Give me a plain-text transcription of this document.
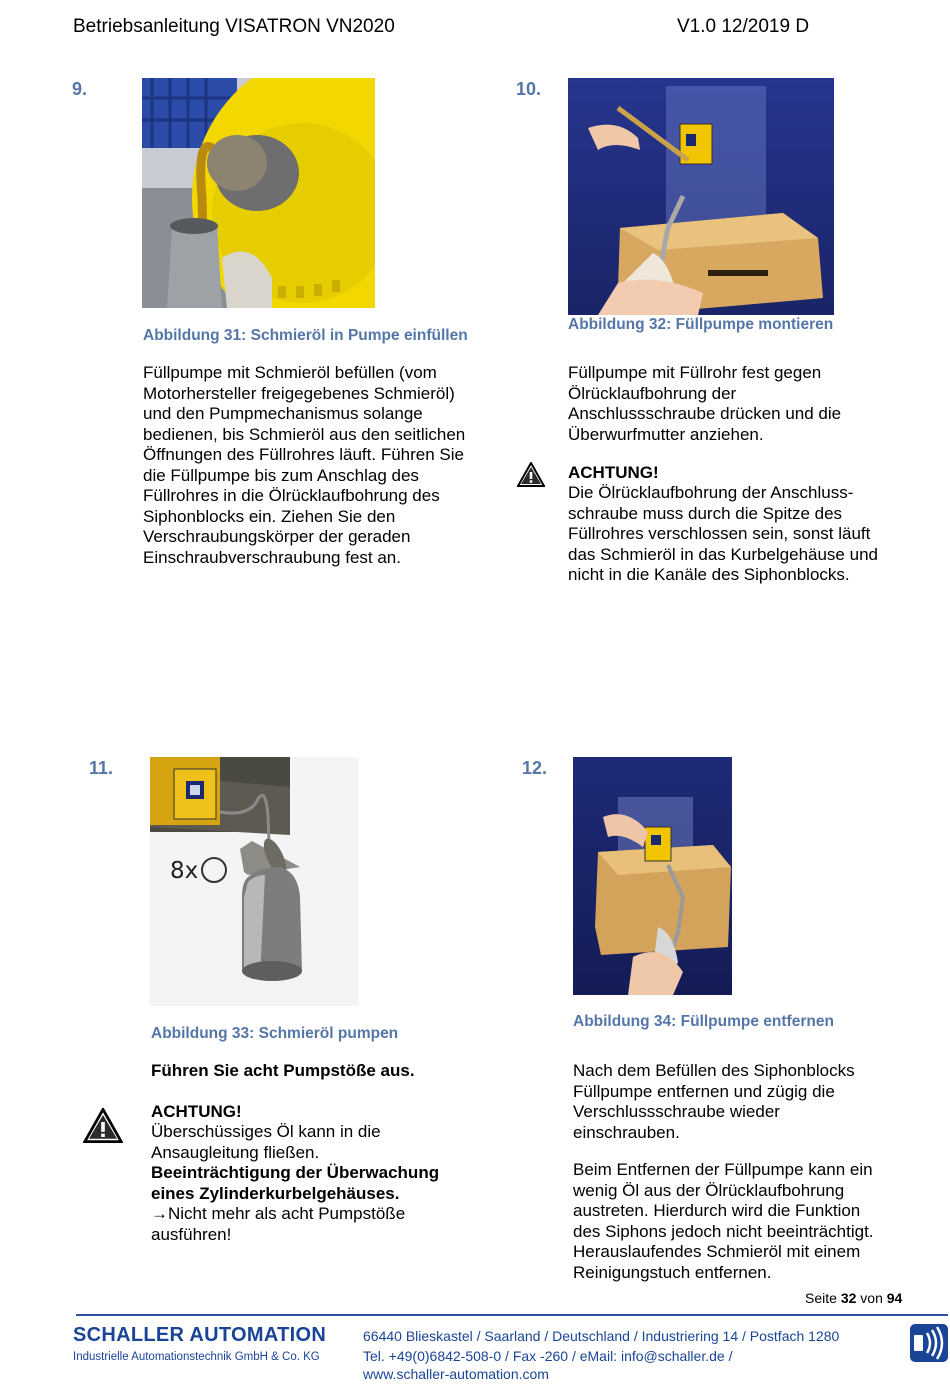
Betriebsanleitung VISATRON VN2020	V1.0 12/2019 D
9.
Abbildung 31: Schmieröl in Pumpe einfüllen

Füllpumpe mit Schmieröl befüllen (vom

Motorhersteller freigegebenes Schmieröl)

und den Pumpmechanismus solange

bedienen, bis Schmieröl aus den seitlichen

Öffnungen des Füllrohres läuft. Führen Sie

die Füllpumpe bis zum Anschlag des

Füllrohres in die Ölrücklaufbohrung des

Siphonblocks ein. Ziehen Sie den

Verschraubungskörper der geraden

Einschraubverschraubung fest an.

10.
Abbildung 32: Füllpumpe montieren

Füllpumpe mit Füllrohr fest gegen

Ölrücklaufbohrung der

Anschlussschraube drücken und die

Überwurfmutter anziehen.

ACHTUNG!

Die Ölrücklaufbohrung der Anschluss-

schraube muss durch die Spitze des

Füllrohres verschlossen sein, sonst läuft

das Schmieröl in das Kurbelgehäuse und

nicht in die Kanäle des Siphonblocks.

11.
8x
Abbildung 33: Schmieröl pumpen
Führen Sie acht Pumpstöße aus.
ACHTUNG!

Überschüssiges Öl kann in die

Ansaugleitung fließen.

Beeinträchtigung der Überwachung

eines Zylinderkurbelgehäuses.

→Nicht mehr als acht Pumpstöße

ausführen!

12.
Abbildung 34: Füllpumpe entfernen

Nach dem Befüllen des Siphonblocks

Füllpumpe entfernen und zügig die

Verschlussschraube wieder

einschrauben.

Beim Entfernen der Füllpumpe kann ein

wenig Öl aus der Ölrücklaufbohrung

austreten. Hierdurch wird die Funktion

des Siphons jedoch nicht beeinträchtigt.

Herauslaufendes Schmieröl mit einem

Reinigungstuch entfernen.

Seite 32 von 94
SCHALLER AUTOMATION
Industrielle Automationstechnik GmbH & Co. KG
66440 Blieskastel / Saarland / Deutschland / Industriering 14 / Postfach 1280
Tel. +49(0)6842-508-0 / Fax -260 / eMail: info@schaller.de /
www.schaller-automation.com
